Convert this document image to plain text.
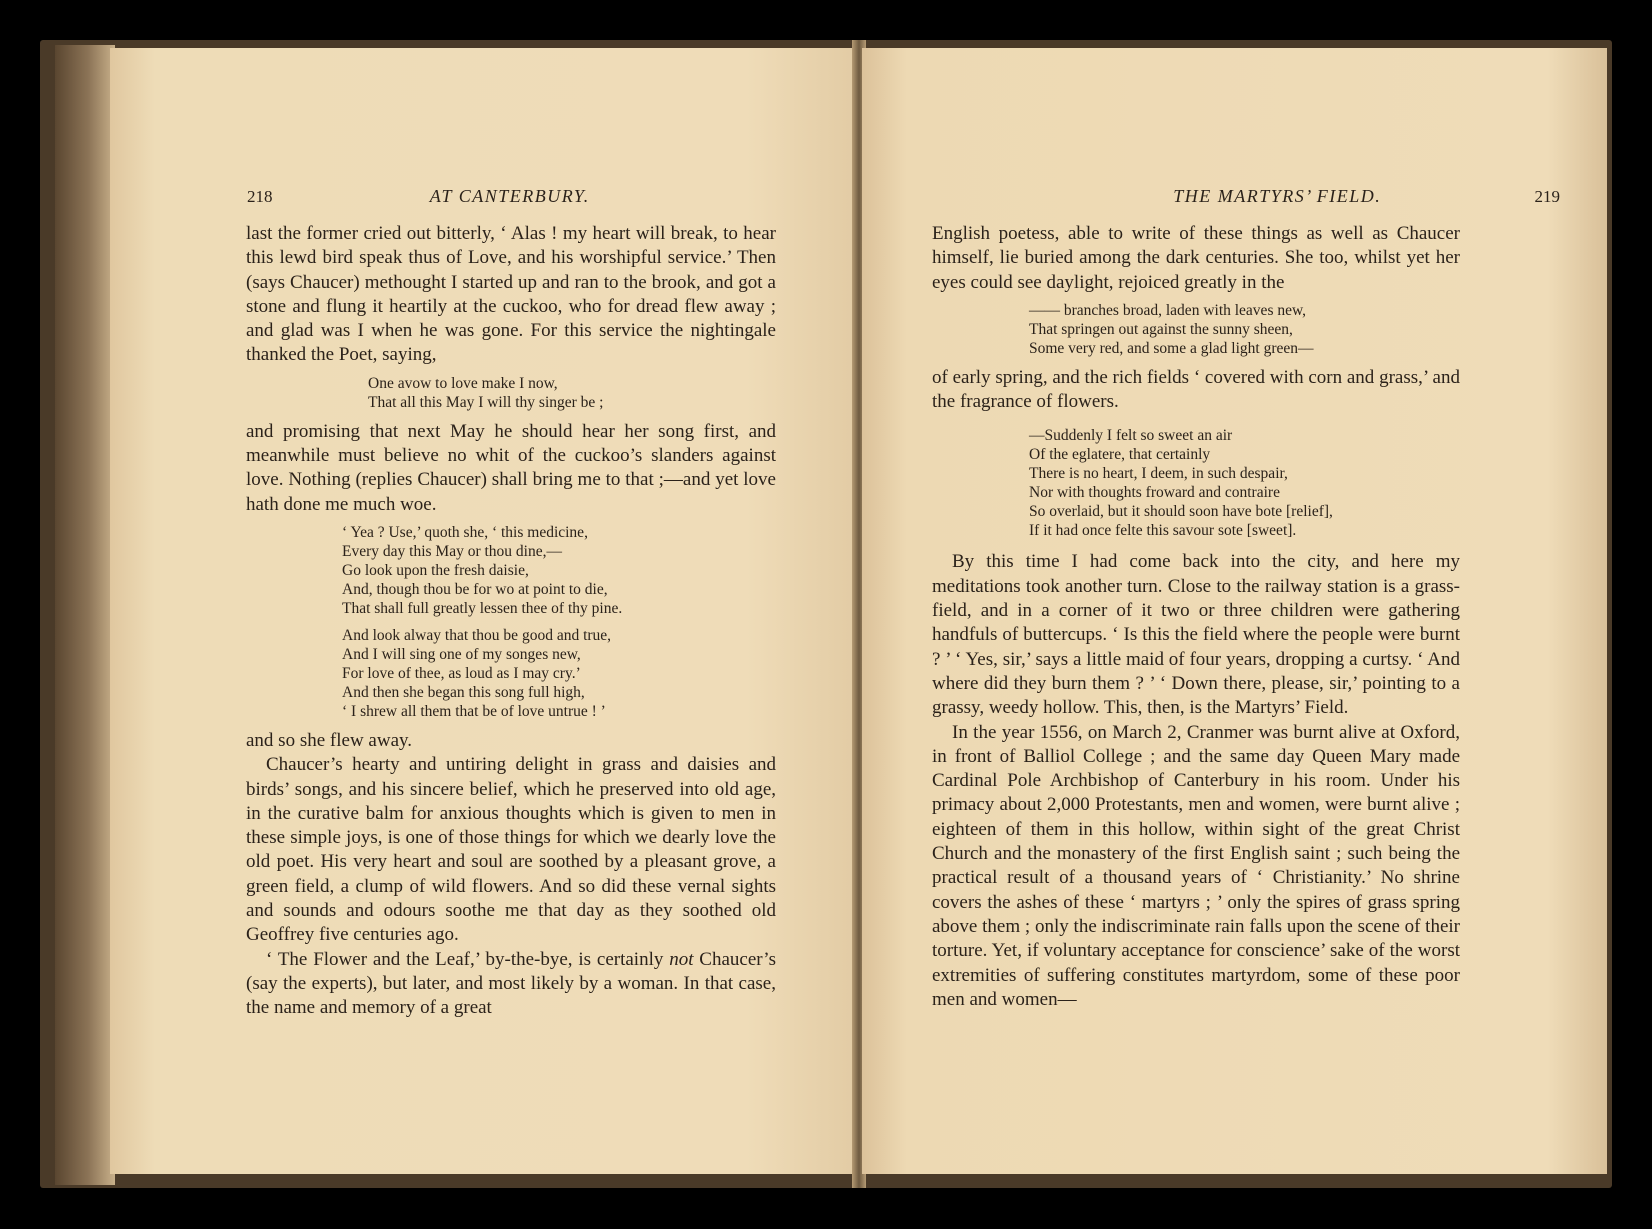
218	AT CANTERBURY.

last the former cried out bitterly, ‘ Alas ! my heart will break, to hear this lewd bird speak thus of Love, and his worshipful service.’ Then (says Chaucer) methought I started up and ran to the brook, and got a stone and flung it heartily at the cuckoo, who for dread flew away ; and glad was I when he was gone. For this service the nightingale thanked the Poet, saying,

One avow to love make I now,
That all this May I will thy singer be ;

and promising that next May he should hear her song first, and meanwhile must believe no whit of the cuckoo’s slanders against love. Nothing (replies Chaucer) shall bring me to that ;—and yet love hath done me much woe.

‘ Yea ? Use,’ quoth she, ‘ this medicine,
Every day this May or thou dine,—
Go look upon the fresh daisie,
And, though thou be for wo at point to die,
That shall full greatly lessen thee of thy pine.
And look alway that thou be good and true,
And I will sing one of my songes new,
For love of thee, as loud as I may cry.’
And then she began this song full high,
‘ I shrew all them that be of love untrue ! ’

and so she flew away.

Chaucer’s hearty and untiring delight in grass and daisies and birds’ songs, and his sincere belief, which he preserved into old age, in the curative balm for anxious thoughts which is given to men in these simple joys, is one of those things for which we dearly love the old poet. His very heart and soul are soothed by a pleasant grove, a green field, a clump of wild flowers. And so did these vernal sights and sounds and odours soothe me that day as they soothed old Geoffrey five centuries ago.

‘ The Flower and the Leaf,’ by-the-bye, is certainly not Chaucer’s (say the experts), but later, and most likely by a woman. In that case, the name and memory of a great

THE MARTYRS’ FIELD.	219

English poetess, able to write of these things as well as Chaucer himself, lie buried among the dark centuries. She too, whilst yet her eyes could see daylight, rejoiced greatly in the

—— branches broad, laden with leaves new,
That springen out against the sunny sheen,
Some very red, and some a glad light green—

of early spring, and the rich fields ‘ covered with corn and grass,’ and the fragrance of flowers.

—Suddenly I felt so sweet an air
Of the eglatere, that certainly
There is no heart, I deem, in such despair,
Nor with thoughts froward and contraire
So overlaid, but it should soon have bote [relief],
If it had once felte this savour sote [sweet].

By this time I had come back into the city, and here my meditations took another turn. Close to the railway station is a grass-field, and in a corner of it two or three children were gathering handfuls of buttercups. ‘ Is this the field where the people were burnt ? ’ ‘ Yes, sir,’ says a little maid of four years, dropping a curtsy. ‘ And where did they burn them ? ’ ‘ Down there, please, sir,’ pointing to a grassy, weedy hollow. This, then, is the Martyrs’ Field.

In the year 1556, on March 2, Cranmer was burnt alive at Oxford, in front of Balliol College ; and the same day Queen Mary made Cardinal Pole Archbishop of Canterbury in his room. Under his primacy about 2,000 Protestants, men and women, were burnt alive ; eighteen of them in this hollow, within sight of the great Christ Church and the monastery of the first English saint ; such being the practical result of a thousand years of ‘ Christianity.’ No shrine covers the ashes of these ‘ martyrs ; ’ only the spires of grass spring above them ; only the indiscriminate rain falls upon the scene of their torture. Yet, if voluntary acceptance for conscience’ sake of the worst extremities of suffering constitutes martyrdom, some of these poor men and women—
